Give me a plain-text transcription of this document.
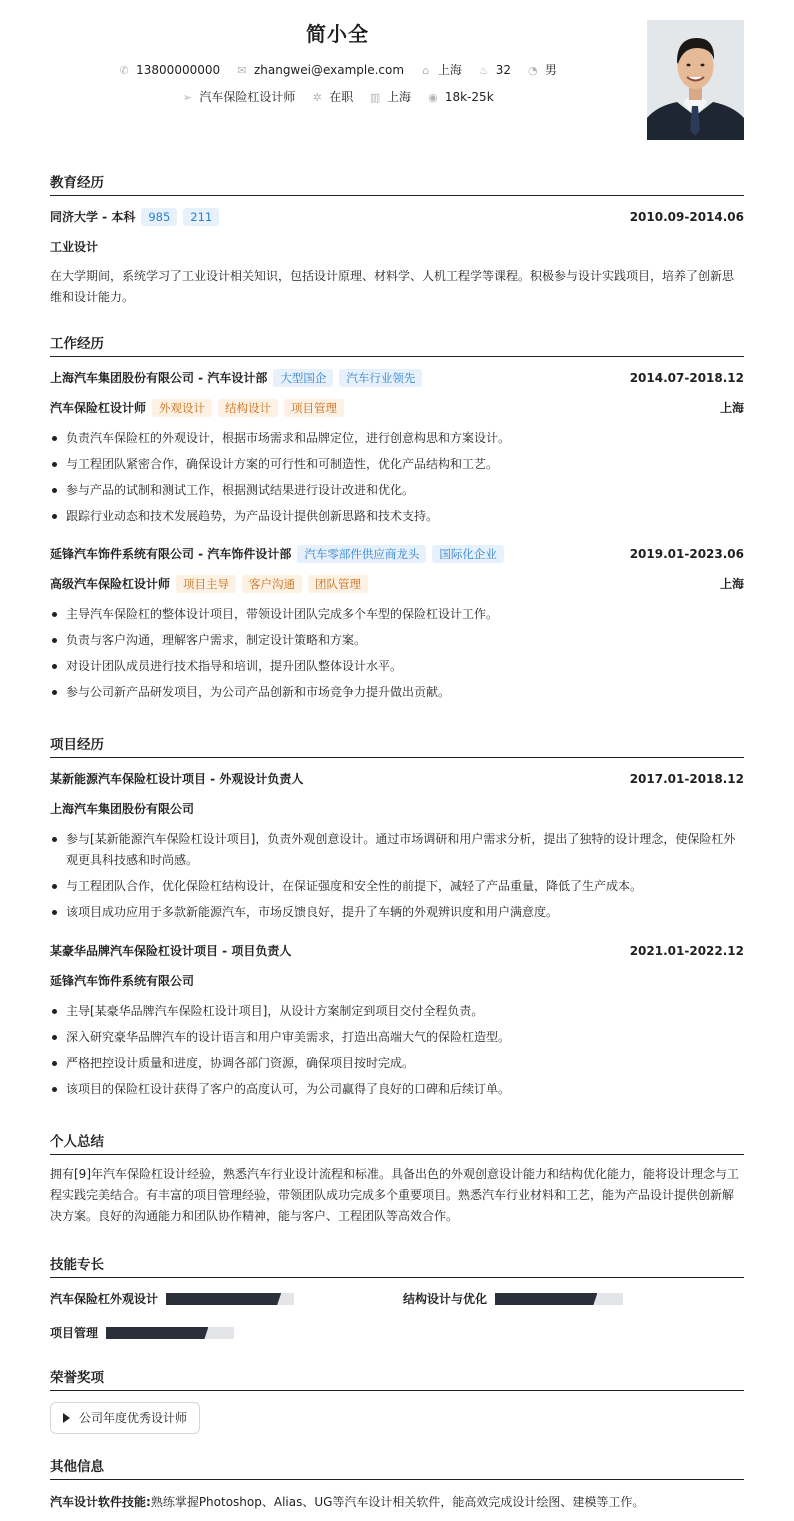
简小全
✆ 13800000000 ✉ zhangwei@example.com ⌂ 上海 ♨ 32 ◔ 男
➢ 汽车保险杠设计师 ✲ 在职 ▥ 上海 ◉ 18k-25k
教育经历
同济大学 - 本科 985 211	2010.09-2014.06
工业设计
在大学期间，系统学习了工业设计相关知识，包括设计原理、材料学、人机工程学等课程。积极参与设计实践项目，培养了创新思维和设计能力。
工作经历
上海汽车集团股份有限公司 - 汽车设计部 大型国企 汽车行业领先	2014.07-2018.12
汽车保险杠设计师 外观设计 结构设计 项目管理	上海
负责汽车保险杠的外观设计，根据市场需求和品牌定位，进行创意构思和方案设计。
与工程团队紧密合作，确保设计方案的可行性和可制造性，优化产品结构和工艺。
参与产品的试制和测试工作，根据测试结果进行设计改进和优化。
跟踪行业动态和技术发展趋势，为产品设计提供创新思路和技术支持。
延锋汽车饰件系统有限公司 - 汽车饰件设计部 汽车零部件供应商龙头 国际化企业	2019.01-2023.06
高级汽车保险杠设计师 项目主导 客户沟通 团队管理	上海
主导汽车保险杠的整体设计项目，带领设计团队完成多个车型的保险杠设计工作。
负责与客户沟通，理解客户需求，制定设计策略和方案。
对设计团队成员进行技术指导和培训，提升团队整体设计水平。
参与公司新产品研发项目，为公司产品创新和市场竞争力提升做出贡献。
项目经历
某新能源汽车保险杠设计项目 - 外观设计负责人	2017.01-2018.12
上海汽车集团股份有限公司
参与[某新能源汽车保险杠设计项目]，负责外观创意设计。通过市场调研和用户需求分析，提出了独特的设计理念，使保险杠外观更具科技感和时尚感。
与工程团队合作，优化保险杠结构设计，在保证强度和安全性的前提下，减轻了产品重量，降低了生产成本。
该项目成功应用于多款新能源汽车，市场反馈良好，提升了车辆的外观辨识度和用户满意度。
某豪华品牌汽车保险杠设计项目 - 项目负责人	2021.01-2022.12
延锋汽车饰件系统有限公司
主导[某豪华品牌汽车保险杠设计项目]，从设计方案制定到项目交付全程负责。
深入研究豪华品牌汽车的设计语言和用户审美需求，打造出高端大气的保险杠造型。
严格把控设计质量和进度，协调各部门资源，确保项目按时完成。
该项目的保险杠设计获得了客户的高度认可，为公司赢得了良好的口碑和后续订单。
个人总结
拥有[9]年汽车保险杠设计经验，熟悉汽车行业设计流程和标准。具备出色的外观创意设计能力和结构优化能力，能将设计理念与工程实践完美结合。有丰富的项目管理经验，带领团队成功完成多个重要项目。熟悉汽车行业材料和工艺，能为产品设计提供创新解决方案。良好的沟通能力和团队协作精神，能与客户、工程团队等高效合作。
技能专长
汽车保险杠外观设计	结构设计与优化
项目管理
荣誉奖项
公司年度优秀设计师
其他信息
汽车设计软件技能:熟练掌握Photoshop、Alias、UG等汽车设计相关软件，能高效完成设计绘图、建模等工作。
